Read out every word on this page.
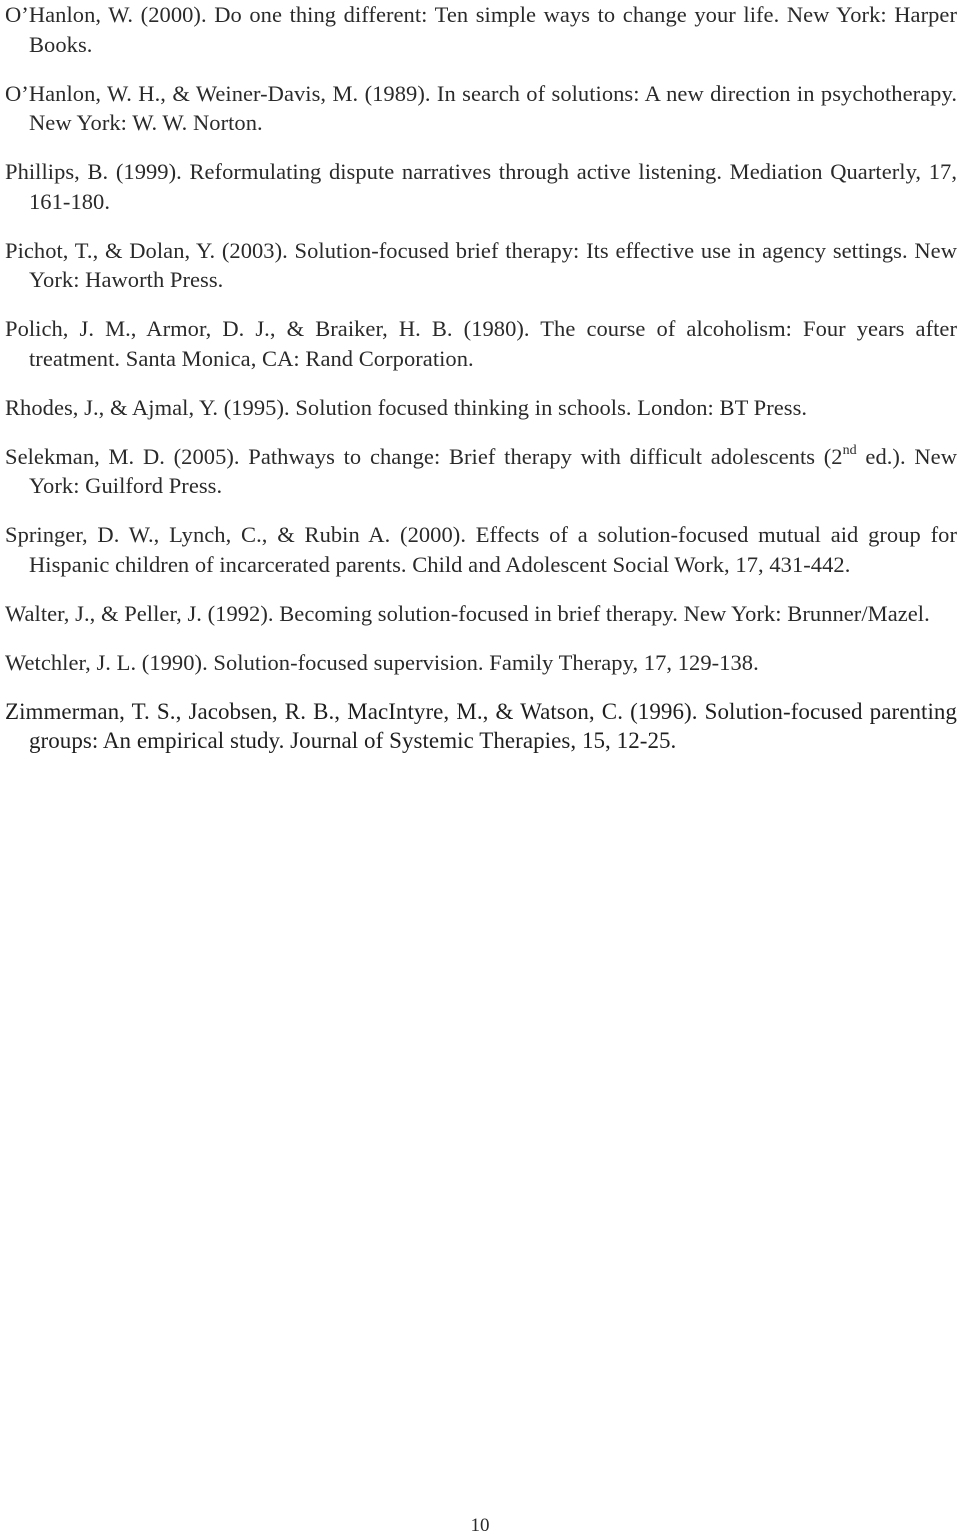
O’Hanlon, W. (2000). Do one thing different: Ten simple ways to change your life. New York: Harper Books.
O’Hanlon, W. H., & Weiner-Davis, M. (1989). In search of solutions: A new direction in psychotherapy. New York: W. W. Norton.
Phillips, B. (1999). Reformulating dispute narratives through active listening. Mediation Quarterly, 17, 161-180.
Pichot, T., & Dolan, Y. (2003). Solution-focused brief therapy: Its effective use in agency settings. New York: Haworth Press.
Polich, J. M., Armor, D. J., & Braiker, H. B. (1980). The course of alcoholism: Four years after treatment. Santa Monica, CA: Rand Corporation.
Rhodes, J., & Ajmal, Y. (1995). Solution focused thinking in schools. London: BT Press.
Selekman, M. D. (2005). Pathways to change: Brief therapy with difficult adolescents (2nd ed.). New York: Guilford Press.
Springer, D. W., Lynch, C., & Rubin A. (2000). Effects of a solution-focused mutual aid group for Hispanic children of incarcerated parents. Child and Adolescent Social Work, 17, 431-442.
Walter, J., & Peller, J. (1992). Becoming solution-focused in brief therapy. New York: Brunner/Mazel.
Wetchler, J. L. (1990). Solution-focused supervision. Family Therapy, 17, 129-138.
Zimmerman, T. S., Jacobsen, R. B., MacIntyre, M., & Watson, C. (1996). Solution-focused parenting groups: An empirical study. Journal of Systemic Therapies, 15, 12-25.
10
